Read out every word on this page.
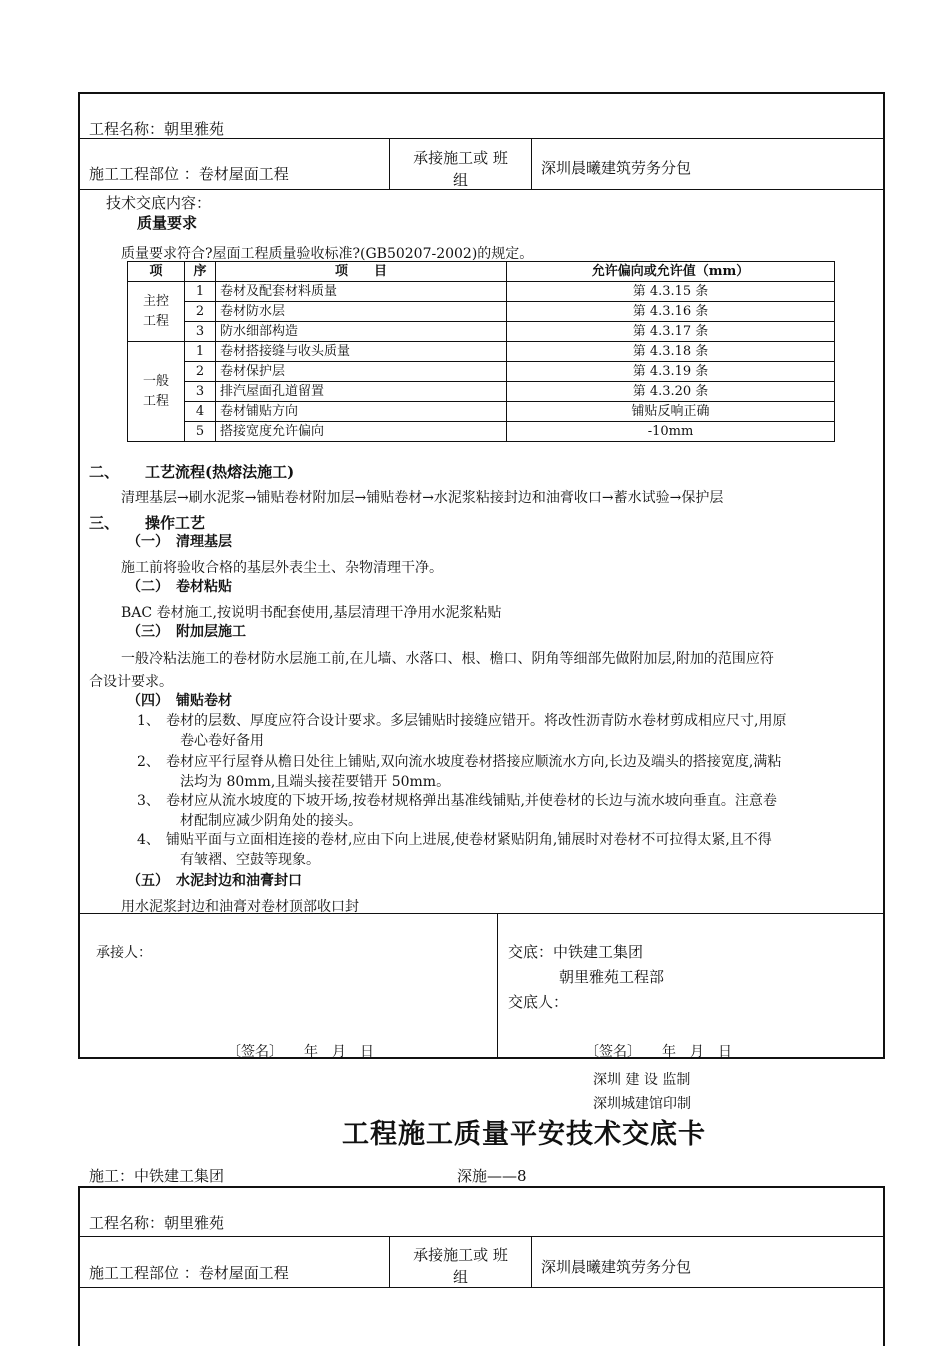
工程名称：朝里雅苑
施工工程部位 ：卷材屋面工程
承接施工或 班
组
深圳晨曦建筑劳务分包
技术交底内容：
质量要求
质量要求符合?屋面工程质量验收标准?(GB50207-2002)的规定。
项	序	项　　目	允许偏向或允许值（mm）

主控
工程	1	卷材及配套材料质量	第 4.3.15 条
	2	卷材防水层	第 4.3.16 条
	3	防水细部构造	第 4.3.17 条

一般
工程	1	卷材搭接缝与收头质量	第 4.3.18 条
	2	卷材保护层	第 4.3.19 条
	3	排汽屋面孔道留置	第 4.3.20 条
	4	卷材铺贴方向	铺贴反响正确
	5	搭接宽度允许偏向	-10mm
二、 工艺流程(热熔法施工)
清理基层→刷水泥浆→铺贴卷材附加层→铺贴卷材→水泥浆粘接封边和油膏收口→蓄水试验→保护层
三、 操作工艺
（一）　清理基层
施工前将验收合格的基层外表尘土、杂物清理干净。
（二）　卷材粘贴
BAC 卷材施工,按说明书配套使用,基层清理干净用水泥浆粘贴
（三）　附加层施工
一般冷粘法施工的卷材防水层施工前,在儿墙、水落口、根、檐口、阴角等细部先做附加层,附加的范围应符
合设计要求。
（四）　铺贴卷材
1、 卷材的层数、厚度应符合设计要求。多层铺贴时接缝应错开。将改性沥青防水卷材剪成相应尺寸,用原
卷心卷好备用
2、 卷材应平行屋脊从檐日处往上铺贴,双向流水坡度卷材搭接应顺流水方向,长边及端头的搭接宽度,满粘
法均为 80mm,且端头接茬要错开 50mm。
3、 卷材应从流水坡度的下坡开场,按卷材规格弹出基准线铺贴,并使卷材的长边与流水坡向垂直。注意卷
材配制应减少阴角处的接头。
4、 铺贴平面与立面相连接的卷材,应由下向上进展,使卷材紧贴阴角,铺展时对卷材不可拉得太紧,且不得
有皱褶、空鼓等现象。
（五）　水泥封边和油膏封口
用水泥浆封边和油膏对卷材顶部收口封
承接人：	交底：中铁建工集团
朝里雅苑工程部
交底人：
〔签名〕　　年　月　日	〔签名〕　　年　月　日
深圳 建 设 监制
深圳城建馆印制
工程施工质量平安技术交底卡
施工：中铁建工集团	深施——8
工程名称：朝里雅苑
施工工程部位 ：卷材屋面工程
承接施工或 班
组
深圳晨曦建筑劳务分包
